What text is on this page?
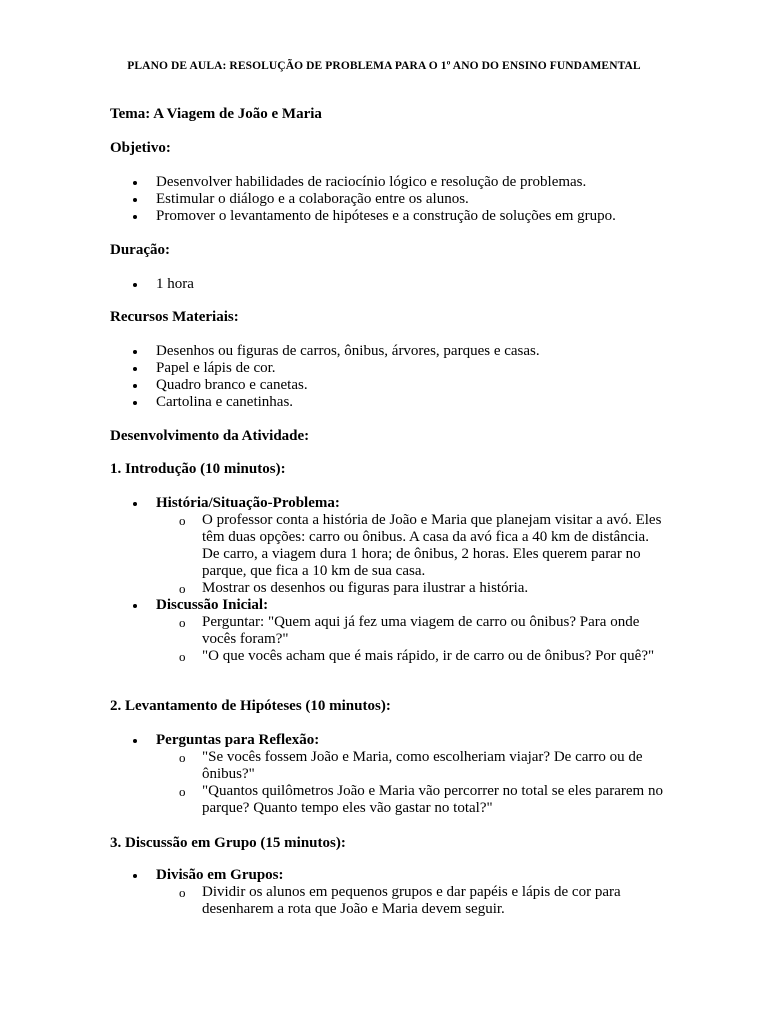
PLANO DE AULA: RESOLUÇÃO DE PROBLEMA PARA O 1º ANO DO ENSINO FUNDAMENTAL
Tema: A Viagem de João e Maria
Objetivo:
Desenvolver habilidades de raciocínio lógico e resolução de problemas.
Estimular o diálogo e a colaboração entre os alunos.
Promover o levantamento de hipóteses e a construção de soluções em grupo.
Duração:
1 hora
Recursos Materiais:
Desenhos ou figuras de carros, ônibus, árvores, parques e casas.
Papel e lápis de cor.
Quadro branco e canetas.
Cartolina e canetinhas.
Desenvolvimento da Atividade:
1. Introdução (10 minutos):
História/Situação-Problema:
o O professor conta a história de João e Maria que planejam visitar a avó. Eles têm duas opções: carro ou ônibus. A casa da avó fica a 40 km de distância. De carro, a viagem dura 1 hora; de ônibus, 2 horas. Eles querem parar no parque, que fica a 10 km de sua casa.
o Mostrar os desenhos ou figuras para ilustrar a história.
Discussão Inicial:
o Perguntar: "Quem aqui já fez uma viagem de carro ou ônibus? Para onde vocês foram?"
o "O que vocês acham que é mais rápido, ir de carro ou de ônibus? Por quê?"
2. Levantamento de Hipóteses (10 minutos):
Perguntas para Reflexão:
o "Se vocês fossem João e Maria, como escolheriam viajar? De carro ou de ônibus?"
o "Quantos quilômetros João e Maria vão percorrer no total se eles pararem no parque? Quanto tempo eles vão gastar no total?"
3. Discussão em Grupo (15 minutos):
Divisão em Grupos:
o Dividir os alunos em pequenos grupos e dar papéis e lápis de cor para desenharem a rota que João e Maria devem seguir.
